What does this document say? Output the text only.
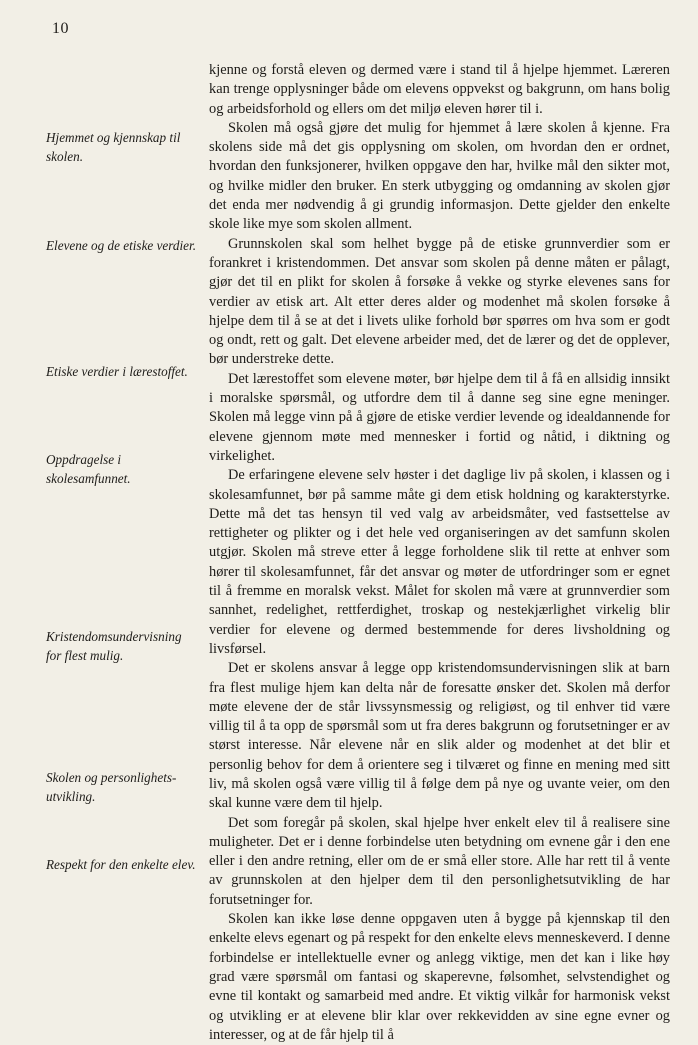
10
Hjemmet og kjennskap til skolen.
Elevene og de etiske verdier.
Etiske verdier i lærestoffet.
Oppdragelse i skolesamfunnet.
Kristendomsundervisning for flest mulig.
Skolen og personlighets-utvikling.
Respekt for den enkelte elev.

kjenne og forstå eleven og dermed være i stand til å hjelpe hjemmet. Læreren kan trenge opplysninger både om elevens oppvekst og bakgrunn, om hans bolig og arbeidsforhold og ellers om det miljø eleven hører til i.

Skolen må også gjøre det mulig for hjemmet å lære skolen å kjenne. Fra skolens side må det gis opplysning om skolen, om hvordan den er ordnet, hvordan den funksjonerer, hvilken oppgave den har, hvilke mål den sikter mot, og hvilke midler den bruker. En sterk utbygging og omdanning av skolen gjør det enda mer nødvendig å gi grundig informasjon. Dette gjelder den enkelte skole like mye som skolen allment.

Grunnskolen skal som helhet bygge på de etiske grunnverdier som er forankret i kristendommen. Det ansvar som skolen på denne måten er pålagt, gjør det til en plikt for skolen å forsøke å vekke og styrke elevenes sans for verdier av etisk art. Alt etter deres alder og modenhet må skolen forsøke å hjelpe dem til å se at det i livets ulike forhold bør spørres om hva som er godt og ondt, rett og galt. Det elevene arbeider med, det de lærer og det de opplever, bør understreke dette.

Det lærestoffet som elevene møter, bør hjelpe dem til å få en allsidig innsikt i moralske spørsmål, og utfordre dem til å danne seg sine egne meninger. Skolen må legge vinn på å gjøre de etiske verdier levende og idealdannende for elevene gjennom møte med mennesker i fortid og nåtid, i diktning og virkelighet.

De erfaringene elevene selv høster i det daglige liv på skolen, i klassen og i skolesamfunnet, bør på samme måte gi dem etisk holdning og karakterstyrke. Dette må det tas hensyn til ved valg av arbeidsmåter, ved fastsettelse av rettigheter og plikter og i det hele ved organiseringen av det samfunn skolen utgjør. Skolen må streve etter å legge forholdene slik til rette at enhver som hører til skolesamfunnet, får det ansvar og møter de utfordringer som er egnet til å fremme en moralsk vekst. Målet for skolen må være at grunnverdier som sannhet, redelighet, rettferdighet, troskap og nestekjærlighet virkelig blir verdier for elevene og dermed bestemmende for deres livsholdning og livsførsel.

Det er skolens ansvar å legge opp kristendomsundervisningen slik at barn fra flest mulige hjem kan delta når de foresatte ønsker det. Skolen må derfor møte elevene der de står livssynsmessig og religiøst, og til enhver tid være villig til å ta opp de spørsmål som ut fra deres bakgrunn og forutsetninger er av størst interesse. Når elevene når en slik alder og modenhet at det blir et personlig behov for dem å orientere seg i tilværet og finne en mening med sitt liv, må skolen også være villig til å følge dem på nye og uvante veier, om den skal kunne være dem til hjelp.

Det som foregår på skolen, skal hjelpe hver enkelt elev til å realisere sine muligheter. Det er i denne forbindelse uten betydning om evnene går i den ene eller i den andre retning, eller om de er små eller store. Alle har rett til å vente av grunnskolen at den hjelper dem til den personlighetsutvikling de har forutsetninger for.

Skolen kan ikke løse denne oppgaven uten å bygge på kjennskap til den enkelte elevs egenart og på respekt for den enkelte elevs menneskeverd. I denne forbindelse er intellektuelle evner og anlegg viktige, men det kan i like høy grad være spørsmål om fantasi og skaperevne, følsomhet, selvstendighet og evne til kontakt og samarbeid med andre. Et viktig vilkår for harmonisk vekst og utvikling er at elevene blir klar over rekkevidden av sine egne evner og interesser, og at de får hjelp til å
